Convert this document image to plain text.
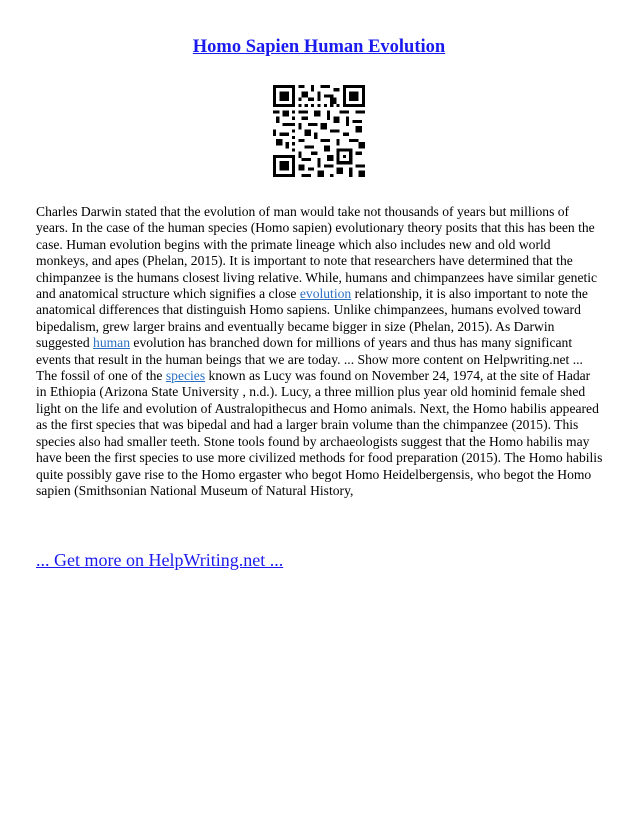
Homo Sapien Human Evolution

Charles Darwin stated that the evolution of man would take not thousands of years but millions of years. In the case of the human species (Homo sapien) evolutionary theory posits that this has been the case. Human evolution begins with the primate lineage which also includes new and old world monkeys, and apes (Phelan, 2015). It is important to note that researchers have determined that the chimpanzee is the humans closest living relative. While, humans and chimpanzees have similar genetic and anatomical structure which signifies a close evolution relationship, it is also important to note the anatomical differences that distinguish Homo sapiens. Unlike chimpanzees, humans evolved toward bipedalism, grew larger brains and eventually became bigger in size (Phelan, 2015). As Darwin suggested human evolution has branched down for millions of years and thus has many significant events that result in the human beings that we are today. ... Show more content on Helpwriting.net ...

The fossil of one of the species known as Lucy was found on November 24, 1974, at the site of Hadar in Ethiopia (Arizona State University , n.d.). Lucy, a three million plus year old hominid female shed light on the life and evolution of Australopithecus and Homo animals. Next, the Homo habilis appeared as the first species that was bipedal and had a larger brain volume than the chimpanzee (2015). This species also had smaller teeth. Stone tools found by archaeologists suggest that the Homo habilis may have been the first species to use more civilized methods for food preparation (2015). The Homo habilis quite possibly gave rise to the Homo ergaster who begot Homo Heidelbergensis, who begot the Homo sapien (Smithsonian National Museum of Natural History,

... Get more on HelpWriting.net ...
